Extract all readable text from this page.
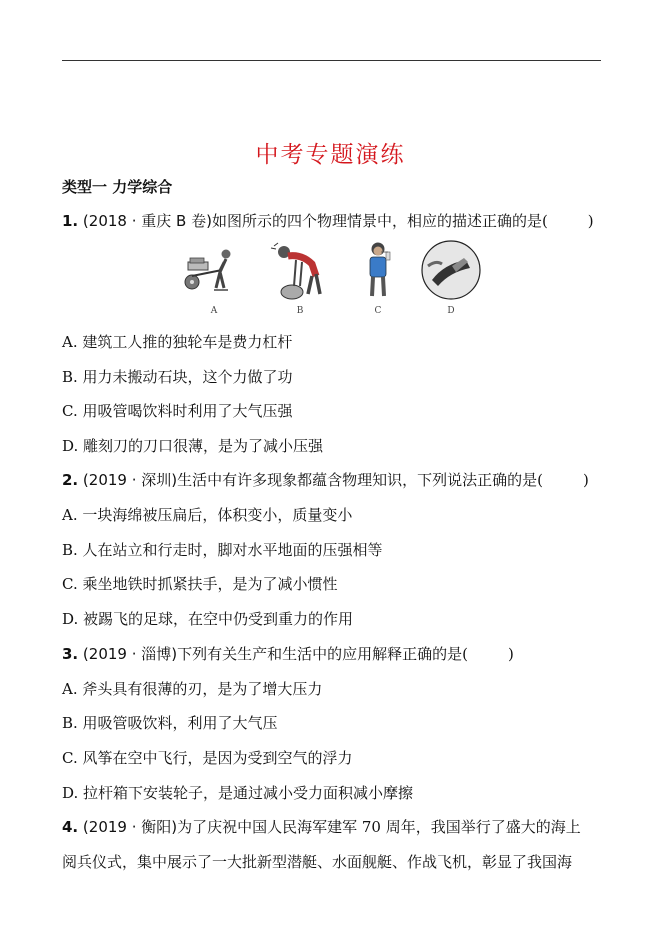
中考专题演练
类型一 力学综合
1. (2018 · 重庆 B 卷)如图所示的四个物理情景中，相应的描述正确的是(	)
A	B	C	D
A. 建筑工人推的独轮车是费力杠杆
B. 用力未搬动石块，这个力做了功
C. 用吸管喝饮料时利用了大气压强
D. 雕刻刀的刀口很薄，是为了减小压强
2. (2019 · 深圳)生活中有许多现象都蕴含物理知识，下列说法正确的是(	)
A. 一块海绵被压扁后，体积变小，质量变小
B. 人在站立和行走时，脚对水平地面的压强相等
C. 乘坐地铁时抓紧扶手，是为了减小惯性
D. 被踢飞的足球，在空中仍受到重力的作用
3. (2019 · 淄博)下列有关生产和生活中的应用解释正确的是(	)
A. 斧头具有很薄的刃，是为了增大压力
B. 用吸管吸饮料，利用了大气压
C. 风筝在空中飞行，是因为受到空气的浮力
D. 拉杆箱下安装轮子，是通过减小受力面积减小摩擦
4. (2019 · 衡阳)为了庆祝中国人民海军建军 70 周年，我国举行了盛大的海上
阅兵仪式，集中展示了一大批新型潜艇、水面舰艇、作战飞机，彰显了我国海
